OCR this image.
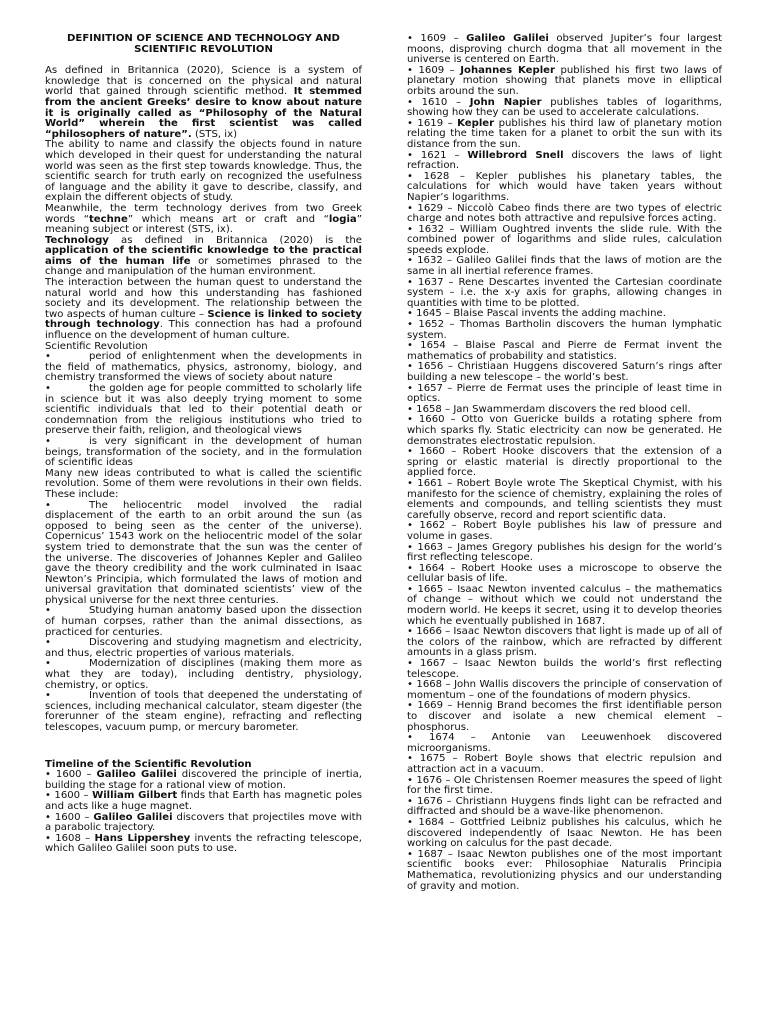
DEFINITION OF SCIENCE AND TECHNOLOGY AND SCIENTIFIC REVOLUTION

As defined in Britannica (2020), Science is a system of knowledge that is concerned on the physical and natural world that gained through scientific method. It stemmed from the ancient Greeks’ desire to know about nature it is originally called as “Philosophy of the Natural World” wherein the first scientist was called “philosophers of nature”. (STS, ix)

The ability to name and classify the objects found in nature which developed in their quest for understanding the natural world was seen as the first step towards knowledge. Thus, the scientific search for truth early on recognized the usefulness of language and the ability it gave to describe, classify, and explain the different objects of study.

Meanwhile, the term technology derives from two Greek words “techne” which means art or craft and “logia” meaning subject or interest (STS, ix).

Technology as defined in Britannica (2020) is the application of the scientific knowledge to the practical aims of the human life or sometimes phrased to the change and manipulation of the human environment.

The interaction between the human quest to understand the natural world and how this understanding has fashioned society and its development. The relationship between the two aspects of human culture – Science is linked to society through technology. This connection has had a profound influence on the development of human culture.

Scientific Revolution

•	period of enlightenment when the developments in the field of mathematics, physics, astronomy, biology, and chemistry transformed the views of society about nature

•	the golden age for people committed to scholarly life in science but it was also deeply trying moment to some scientific individuals that led to their potential death or condemnation from the religious institutions who tried to preserve their faith, religion, and theological views

•	is very significant in the development of human beings, transformation of the society, and in the formulation of scientific ideas

Many new ideas contributed to what is called the scientific revolution. Some of them were revolutions in their own fields. These include:

•	The heliocentric model involved the radial displacement of the earth to an orbit around the sun (as opposed to being seen as the center of the universe). Copernicus’ 1543 work on the heliocentric model of the solar system tried to demonstrate that the sun was the center of the universe. The discoveries of Johannes Kepler and Galileo gave the theory credibility and the work culminated in Isaac Newton’s Principia, which formulated the laws of motion and universal gravitation that dominated scientists’ view of the physical universe for the next three centuries.

•	Studying human anatomy based upon the dissection of human corpses, rather than the animal dissections, as practiced for centuries.

•	Discovering and studying magnetism and electricity, and thus, electric properties of various materials.

•	Modernization of disciplines (making them more as what they are today), including dentistry, physiology, chemistry, or optics.

•	Invention of tools that deepened the understating of sciences, including mechanical calculator, steam digester (the forerunner of the steam engine), refracting and reflecting telescopes, vacuum pump, or mercury barometer.

Timeline of the Scientific Revolution

• 1600 – Galileo Galilei discovered the principle of inertia, building the stage for a rational view of motion.

• 1600 – William Gilbert finds that Earth has magnetic poles and acts like a huge magnet.

• 1600 – Galileo Galilei discovers that projectiles move with a parabolic trajectory.

• 1608 – Hans Lippershey invents the refracting telescope, which Galileo Galilei soon puts to use.

• 1609 – Galileo Galilei observed Jupiter’s four largest moons, disproving church dogma that all movement in the universe is centered on Earth.

• 1609 – Johannes Kepler published his first two laws of planetary motion showing that planets move in elliptical orbits around the sun.

• 1610 – John Napier publishes tables of logarithms, showing how they can be used to accelerate calculations.

• 1619 – Kepler publishes his third law of planetary motion relating the time taken for a planet to orbit the sun with its distance from the sun.

• 1621 – Willebrord Snell discovers the laws of light refraction.

• 1628 – Kepler publishes his planetary tables, the calculations for which would have taken years without Napier’s logarithms.

• 1629 – Niccolò Cabeo finds there are two types of electric charge and notes both attractive and repulsive forces acting.

• 1632 – William Oughtred invents the slide rule. With the combined power of logarithms and slide rules, calculation speeds explode.

• 1632 – Galileo Galilei finds that the laws of motion are the same in all inertial reference frames.

• 1637 – Rene Descartes invented the Cartesian coordinate system – i.e. the x-y axis for graphs, allowing changes in quantities with time to be plotted.

• 1645 – Blaise Pascal invents the adding machine.

• 1652 – Thomas Bartholin discovers the human lymphatic system.

• 1654 – Blaise Pascal and Pierre de Fermat invent the mathematics of probability and statistics.

• 1656 – Christiaan Huggens discovered Saturn’s rings after building a new telescope – the world’s best.

• 1657 – Pierre de Fermat uses the principle of least time in optics.

• 1658 – Jan Swammerdam discovers the red blood cell.

• 1660 – Otto von Guericke builds a rotating sphere from which sparks fly. Static electricity can now be generated. He demonstrates electrostatic repulsion.

• 1660 – Robert Hooke discovers that the extension of a spring or elastic material is directly proportional to the applied force.

• 1661 – Robert Boyle wrote The Skeptical Chymist, with his manifesto for the science of chemistry, explaining the roles of elements and compounds, and telling scientists they must carefully observe, record and report scientific data.

• 1662 – Robert Boyle publishes his law of pressure and volume in gases.

• 1663 – James Gregory publishes his design for the world’s first reflecting telescope.

• 1664 – Robert Hooke uses a microscope to observe the cellular basis of life.

• 1665 – Isaac Newton invented calculus – the mathematics of change – without which we could not understand the modern world. He keeps it secret, using it to develop theories which he eventually published in 1687.

• 1666 – Isaac Newton discovers that light is made up of all of the colors of the rainbow, which are refracted by different amounts in a glass prism.

• 1667 – Isaac Newton builds the world’s first reflecting telescope.

• 1668 – John Wallis discovers the principle of conservation of momentum – one of the foundations of modern physics.

• 1669 – Hennig Brand becomes the first identifiable person to discover and isolate a new chemical element – phosphorus.

• 1674 – Antonie van Leeuwenhoek discovered microorganisms.

• 1675 – Robert Boyle shows that electric repulsion and attraction act in a vacuum.

• 1676 – Ole Christensen Roemer measures the speed of light for the first time.

• 1676 – Christiann Huygens finds light can be refracted and diffracted and should be a wave-like phenomenon.

• 1684 – Gottfried Leibniz publishes his calculus, which he discovered independently of Isaac Newton. He has been working on calculus for the past decade.

• 1687 – Isaac Newton publishes one of the most important scientific books ever: Philosophiae Naturalis Principia Mathematica, revolutionizing physics and our understanding of gravity and motion.
